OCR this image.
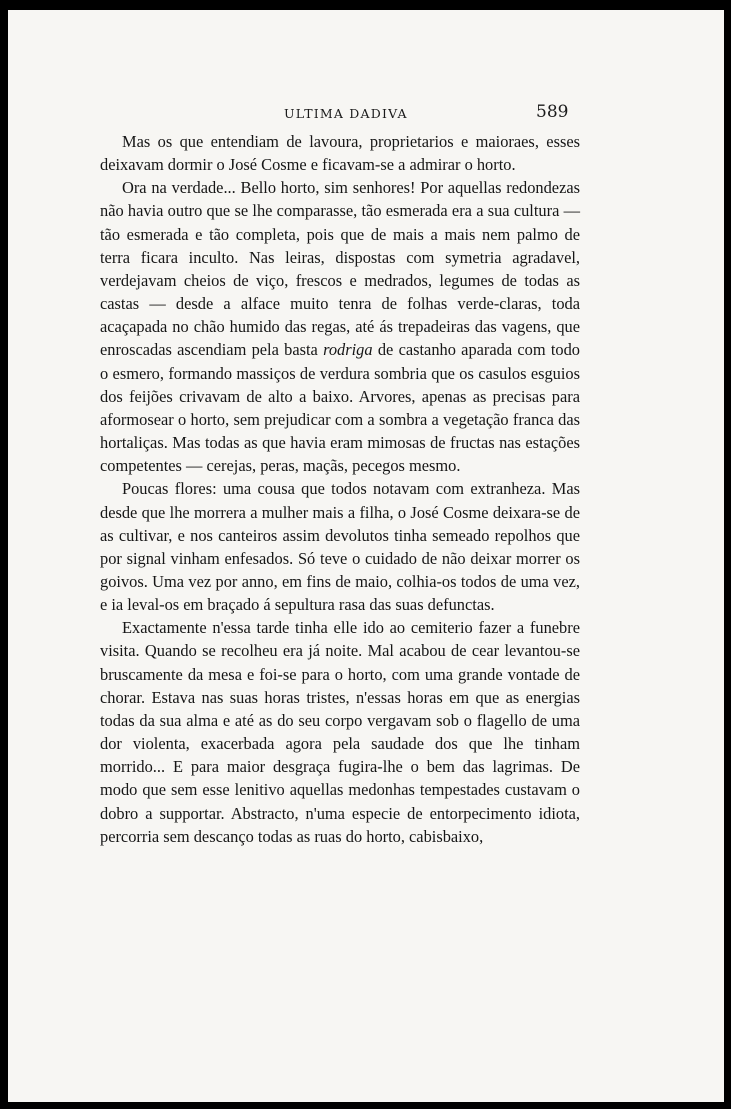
ULTIMA DADIVA	589

Mas os que entendiam de lavoura, proprietarios e maioraes, esses deixavam dormir o José Cosme e ficavam-se a admirar o horto.

Ora na verdade... Bello horto, sim senhores! Por aquellas redondezas não havia outro que se lhe comparasse, tão esmerada era a sua cultura — tão esmerada e tão completa, pois que de mais a mais nem palmo de terra ficara inculto. Nas leiras, dispostas com symetria agradavel, verdejavam cheios de viço, frescos e medrados, legumes de todas as castas — desde a alface muito tenra de folhas verde-claras, toda acaçapada no chão humido das regas, até ás trepadeiras das vagens, que enroscadas ascendiam pela basta rodriga de castanho aparada com todo o esmero, formando massiços de verdura sombria que os casulos esguios dos feijões crivavam de alto a baixo. Arvores, apenas as precisas para aformosear o horto, sem prejudicar com a sombra a vegetação franca das hortaliças. Mas todas as que havia eram mimosas de fructas nas estações competentes — cerejas, peras, maçãs, pecegos mesmo.

Poucas flores: uma cousa que todos notavam com extranheza. Mas desde que lhe morrera a mulher mais a filha, o José Cosme deixara-se de as cultivar, e nos canteiros assim devolutos tinha semeado repolhos que por signal vinham enfesados. Só teve o cuidado de não deixar morrer os goivos. Uma vez por anno, em fins de maio, colhia-os todos de uma vez, e ia leval-os em braçado á sepultura rasa das suas defunctas.

Exactamente n'essa tarde tinha elle ido ao cemiterio fazer a funebre visita. Quando se recolheu era já noite. Mal acabou de cear levantou-se bruscamente da mesa e foi-se para o horto, com uma grande vontade de chorar. Estava nas suas horas tristes, n'essas horas em que as energias todas da sua alma e até as do seu corpo vergavam sob o flagello de uma dor violenta, exacerbada agora pela saudade dos que lhe tinham morrido... E para maior desgraça fugira-lhe o bem das lagrimas. De modo que sem esse lenitivo aquellas medonhas tempestades custavam o dobro a supportar. Abstracto, n'uma especie de entorpecimento idiota, percorria sem descanço todas as ruas do horto, cabisbaixo,
